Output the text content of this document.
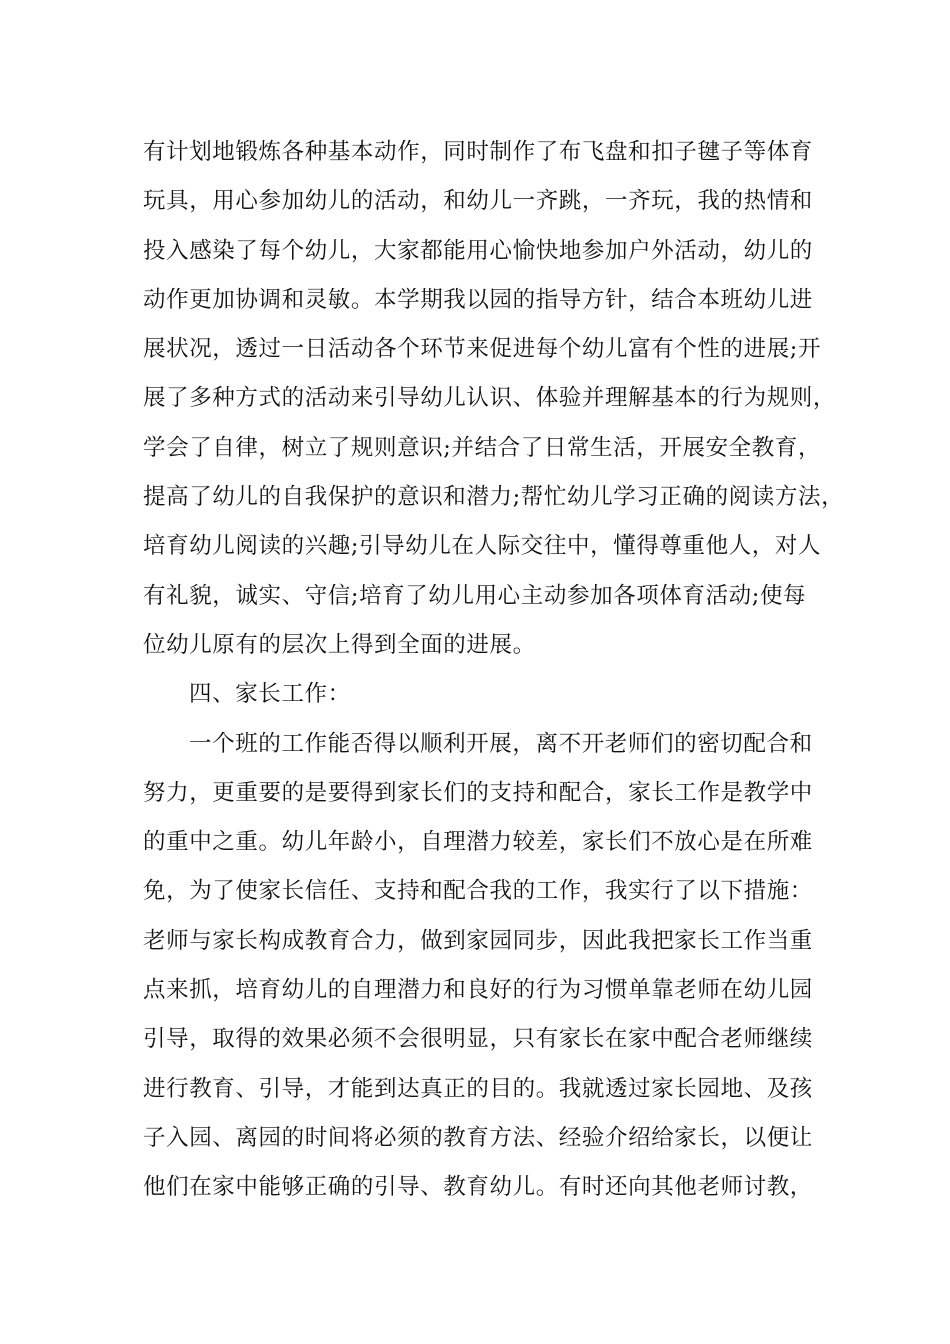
有计划地锻炼各种基本动作，同时制作了布飞盘和扣子毽子等体育
玩具，用心参加幼儿的活动，和幼儿一齐跳，一齐玩，我的热情和
投入感染了每个幼儿，大家都能用心愉快地参加户外活动，幼儿的
动作更加协调和灵敏。本学期我以园的指导方针，结合本班幼儿进
展状况，透过一日活动各个环节来促进每个幼儿富有个性的进展;开
展了多种方式的活动来引导幼儿认识、体验并理解基本的行为规则，
学会了自律，树立了规则意识;并结合了日常生活，开展安全教育，
提高了幼儿的自我保护的意识和潜力;帮忙幼儿学习正确的阅读方法，
培育幼儿阅读的兴趣;引导幼儿在人际交往中，懂得尊重他人，对人
有礼貌，诚实、守信;培育了幼儿用心主动参加各项体育活动;使每
位幼儿原有的层次上得到全面的进展。
四、家长工作：
一个班的工作能否得以顺利开展，离不开老师们的密切配合和
努力，更重要的是要得到家长们的支持和配合，家长工作是教学中
的重中之重。幼儿年龄小，自理潜力较差，家长们不放心是在所难
免，为了使家长信任、支持和配合我的工作，我实行了以下措施：
老师与家长构成教育合力，做到家园同步，因此我把家长工作当重
点来抓，培育幼儿的自理潜力和良好的行为习惯单靠老师在幼儿园
引导，取得的效果必须不会很明显，只有家长在家中配合老师继续
进行教育、引导，才能到达真正的目的。我就透过家长园地、及孩
子入园、离园的时间将必须的教育方法、经验介绍给家长，以便让
他们在家中能够正确的引导、教育幼儿。有时还向其他老师讨教，
